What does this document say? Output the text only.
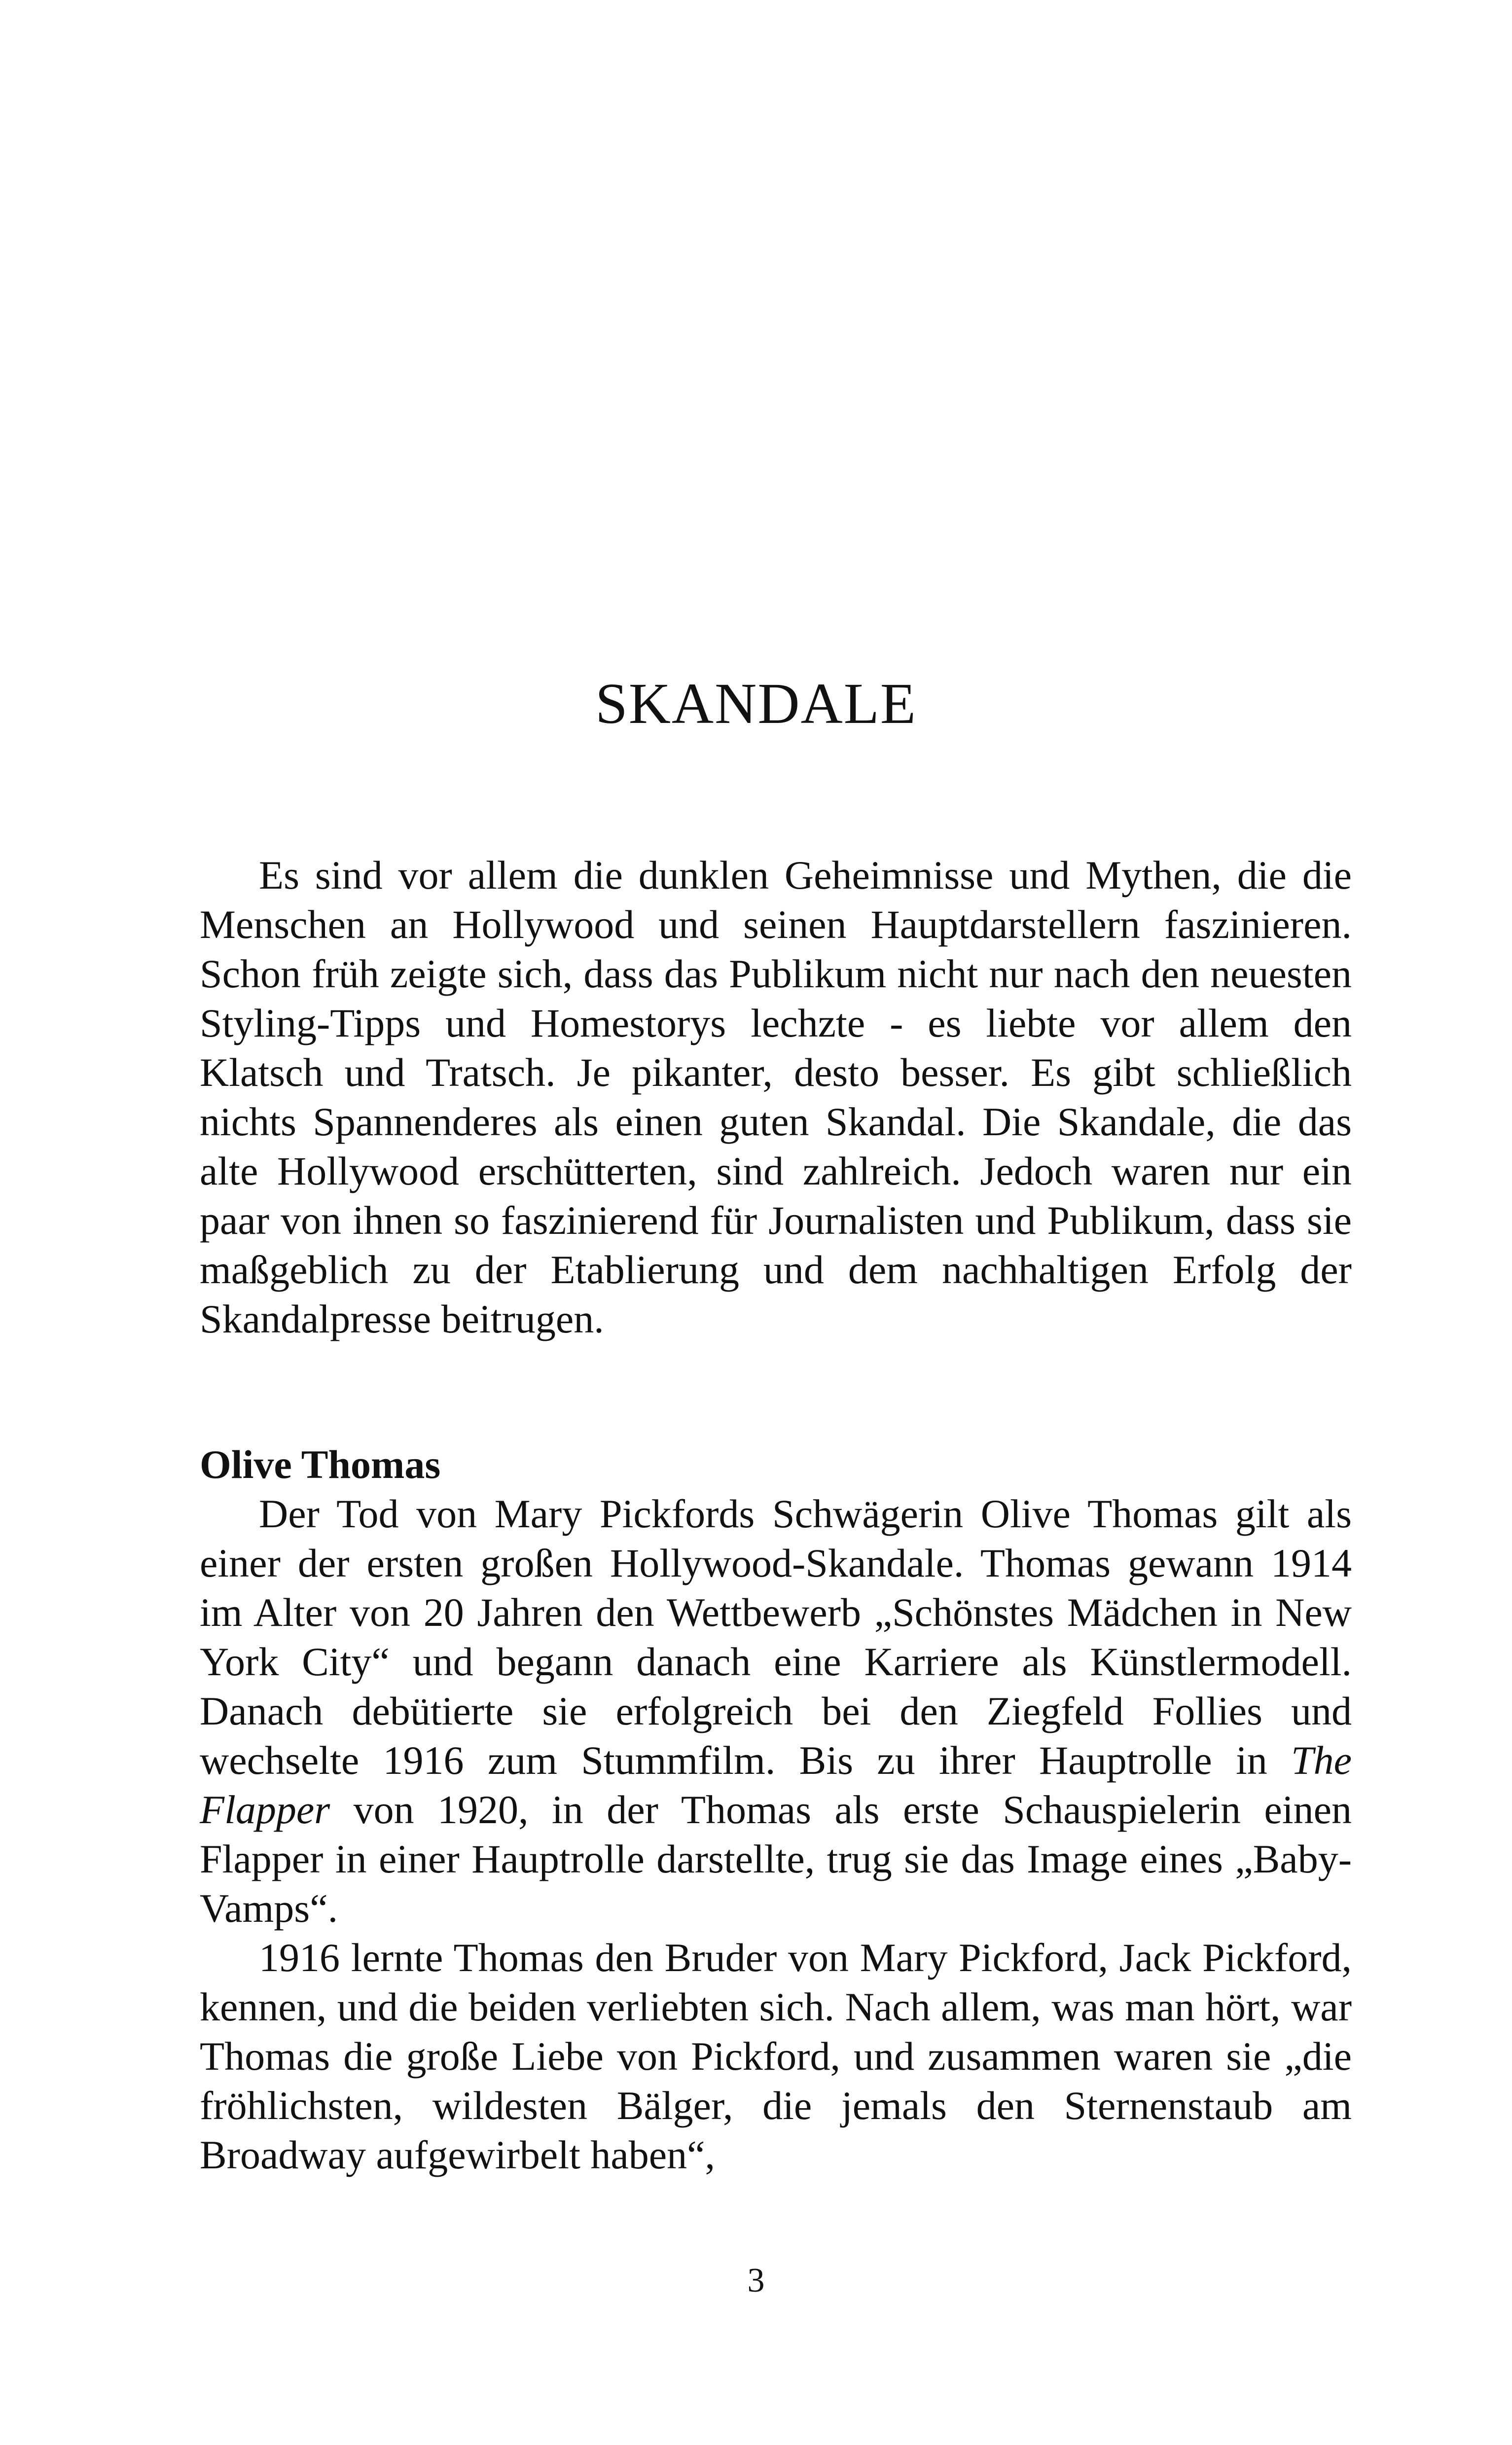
SKANDALE

Es sind vor allem die dunklen Geheimnisse und Mythen, die die Menschen an Hollywood und seinen Hauptdarstellern faszinieren. Schon früh zeigte sich, dass das Publikum nicht nur nach den neuesten Styling-Tipps und Homestorys lechzte - es liebte vor allem den Klatsch und Tratsch. Je pikanter, desto besser. Es gibt schließlich nichts Spannenderes als einen guten Skandal. Die Skandale, die das alte Hollywood erschütterten, sind zahlreich. Jedoch waren nur ein paar von ihnen so faszinierend für Journalisten und Publikum, dass sie maßgeblich zu der Etablierung und dem nachhaltigen Erfolg der Skandalpresse beitrugen.

Olive Thomas

Der Tod von Mary Pickfords Schwägerin Olive Thomas gilt als einer der ersten großen Hollywood-Skandale. Thomas gewann 1914 im Alter von 20 Jahren den Wettbewerb „Schönstes Mädchen in New York City“ und begann danach eine Karriere als Künstlermodell. Danach debütierte sie erfolgreich bei den Ziegfeld Follies und wechselte 1916 zum Stummfilm. Bis zu ihrer Hauptrolle in The Flapper von 1920, in der Thomas als erste Schauspielerin einen Flapper in einer Hauptrolle darstellte, trug sie das Image eines „Baby-Vamps“.

1916 lernte Thomas den Bruder von Mary Pickford, Jack Pickford, kennen, und die beiden verliebten sich. Nach allem, was man hört, war Thomas die große Liebe von Pickford, und zusammen waren sie „die fröhlichsten, wildesten Bälger, die jemals den Sternenstaub am Broadway aufgewirbelt haben“,

3
